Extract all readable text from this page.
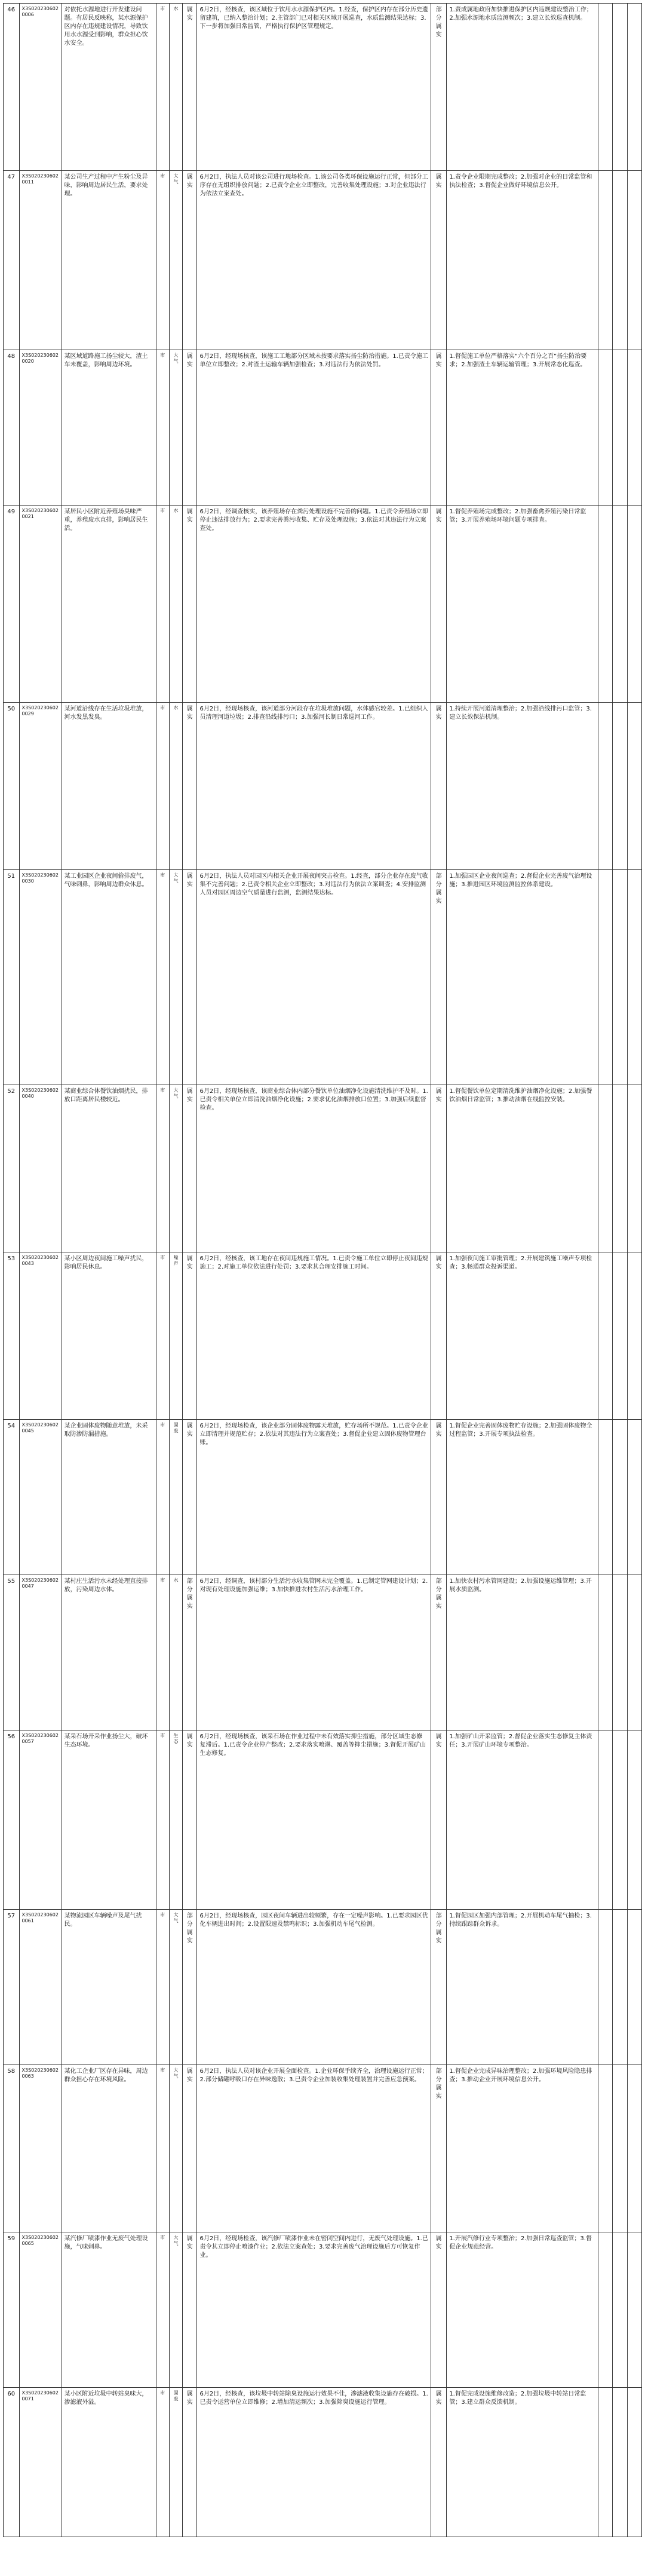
46	X3S0202306020006	对依托水源地进行开发建设问题。有居民反映称，某水源保护区内存在违规建设情况，导致饮用水水源受到影响，群众担心饮水安全。	市	水	属实	6月2日，经核查，该区域位于饮用水水源保护区内。1.经查，保护区内存在部分历史遗留建筑，已纳入整治计划；2.主管部门已对相关区域开展巡查，水质监测结果达标；3.下一步将加强日常监管，严格执行保护区管理规定。	部分属实	1.责成属地政府加快推进保护区内违规建设整治工作；2.加强水源地水质监测频次；3.建立长效巡查机制。			
47	X3S0202306020011	某公司生产过程中产生粉尘及异味，影响周边居民生活，要求处理。	市	大气	属实	6月2日，执法人员对该公司进行现场检查。1.该公司各类环保设施运行正常，但部分工序存在无组织排放问题；2.已责令企业立即整改，完善收集处理设施；3.对企业违法行为依法立案查处。	属实	1.责令企业限期完成整改；2.加强对企业的日常监管和执法检查；3.督促企业做好环境信息公开。			
48	X3S0202306020020	某区域道路施工扬尘较大，渣土车未覆盖，影响周边环境。	市	大气	属实	6月2日，经现场核查，该施工工地部分区域未按要求落实扬尘防治措施。1.已责令施工单位立即整改；2.对渣土运输车辆加强检查；3.对违法行为依法处罚。	属实	1.督促施工单位严格落实“六个百分之百”扬尘防治要求；2.加强渣土车辆运输管理；3.开展常态化巡查。			
49	X3S0202306020021	某居民小区附近养殖场臭味严重，养殖废水直排，影响居民生活。	市	水	属实	6月2日，经调查核实，该养殖场存在粪污处理设施不完善的问题。1.已责令养殖场立即停止违法排放行为；2.要求完善粪污收集、贮存及处理设施；3.依法对其违法行为立案查处。	属实	1.督促养殖场完成整改；2.加强畜禽养殖污染日常监管；3.开展养殖场环境问题专项排查。			
50	X3S0202306020029	某河道沿线存在生活垃圾堆放，河水发黑发臭。	市	水	属实	6月2日，经现场核查，该河道部分河段存在垃圾堆放问题，水体感官较差。1.已组织人员清理河道垃圾；2.排查沿线排污口；3.加强河长制日常巡河工作。	属实	1.持续开展河道清理整治；2.加强沿线排污口监管；3.建立长效保洁机制。			
51	X3S0202306020030	某工业园区企业夜间偷排废气，气味刺鼻，影响周边群众休息。	市	大气	属实	6月2日，执法人员对园区内相关企业开展夜间突击检查。1.经查，部分企业存在废气收集不完善问题；2.已责令相关企业立即整改；3.对违法行为依法立案调查；4.安排监测人员对园区周边空气质量进行监测，监测结果达标。	部分属实	1.加强园区企业夜间巡查；2.督促企业完善废气治理设施；3.推进园区环境监测监控体系建设。			
52	X3S0202306020040	某商业综合体餐饮油烟扰民，排放口距离居民楼较近。	市	大气	属实	6月2日，经现场核查，该商业综合体内部分餐饮单位油烟净化设施清洗维护不及时。1.已责令相关单位立即清洗油烟净化设施；2.要求优化油烟排放口位置；3.加强后续监督检查。	属实	1.督促餐饮单位定期清洗维护油烟净化设施；2.加强餐饮油烟日常监管；3.推动油烟在线监控安装。			
53	X3S0202306020043	某小区周边夜间施工噪声扰民，影响居民休息。	市	噪声	属实	6月2日，经核查，该工地存在夜间违规施工情况。1.已责令施工单位立即停止夜间违规施工；2.对施工单位依法进行处罚；3.要求其合理安排施工时间。	属实	1.加强夜间施工审批管理；2.开展建筑施工噪声专项检查；3.畅通群众投诉渠道。			
54	X3S0202306020045	某企业固体废物随意堆放，未采取防渗防漏措施。	市	固废	属实	6月2日，经现场检查，该企业部分固体废物露天堆放，贮存场所不规范。1.已责令企业立即清理并规范贮存；2.依法对其违法行为立案查处；3.督促企业建立固体废物管理台账。	属实	1.督促企业完善固体废物贮存设施；2.加强固体废物全过程监管；3.开展专项执法检查。			
55	X3S0202306020047	某村庄生活污水未经处理直接排放，污染周边水体。	市	水	部分属实	6月2日，经调查，该村部分生活污水收集管网未完全覆盖。1.已制定管网建设计划；2.对现有处理设施加强运维；3.加快推进农村生活污水治理工作。	部分属实	1.加快农村污水管网建设；2.加强设施运维管理；3.开展水质监测。			
56	X3S0202306020057	某采石场开采作业扬尘大，破坏生态环境。	市	生态	属实	6月2日，经现场核查，该采石场在作业过程中未有效落实抑尘措施，部分区域生态修复滞后。1.已责令企业停产整改；2.要求落实喷淋、覆盖等抑尘措施；3.督促开展矿山生态修复。	属实	1.加强矿山开采监管；2.督促企业落实生态修复主体责任；3.开展矿山环境专项整治。			
57	X3S0202306020061	某物流园区车辆噪声及尾气扰民。	市	大气	部分属实	6月2日，经现场核查，园区夜间车辆进出较频繁，存在一定噪声影响。1.已要求园区优化车辆进出时间；2.设置限速及禁鸣标识；3.加强机动车尾气检测。	部分属实	1.督促园区加强内部管理；2.开展机动车尾气抽检；3.持续跟踪群众诉求。			
58	X3S0202306020063	某化工企业厂区存在异味，周边群众担心存在环境风险。	市	大气	属实	6月2日，执法人员对该企业开展全面检查。1.企业环保手续齐全，治理设施运行正常；2.部分储罐呼吸口存在异味逸散；3.已责令企业加装收集处理装置并完善应急预案。	部分属实	1.督促企业完成异味治理整改；2.加强环境风险隐患排查；3.推动企业开展环境信息公开。			
59	X3S0202306020065	某汽修厂喷漆作业无废气处理设施，气味刺鼻。	市	大气	属实	6月2日，经现场检查，该汽修厂喷漆作业未在密闭空间内进行，无废气处理设施。1.已责令其立即停止喷漆作业；2.依法立案查处；3.要求完善废气治理设施后方可恢复作业。	属实	1.开展汽修行业专项整治；2.加强日常巡查监管；3.督促企业规范经营。			
60	X3S0202306020071	某小区附近垃圾中转站臭味大，渗滤液外溢。	市	固废	属实	6月2日，经核查，该垃圾中转站除臭设施运行效果不佳，渗滤液收集设施存在破损。1.已责令运营单位立即维修；2.增加清运频次；3.加强除臭设施运行管理。	属实	1.督促完成设施维修改造；2.加强垃圾中转站日常监管；3.建立群众反馈机制。			
